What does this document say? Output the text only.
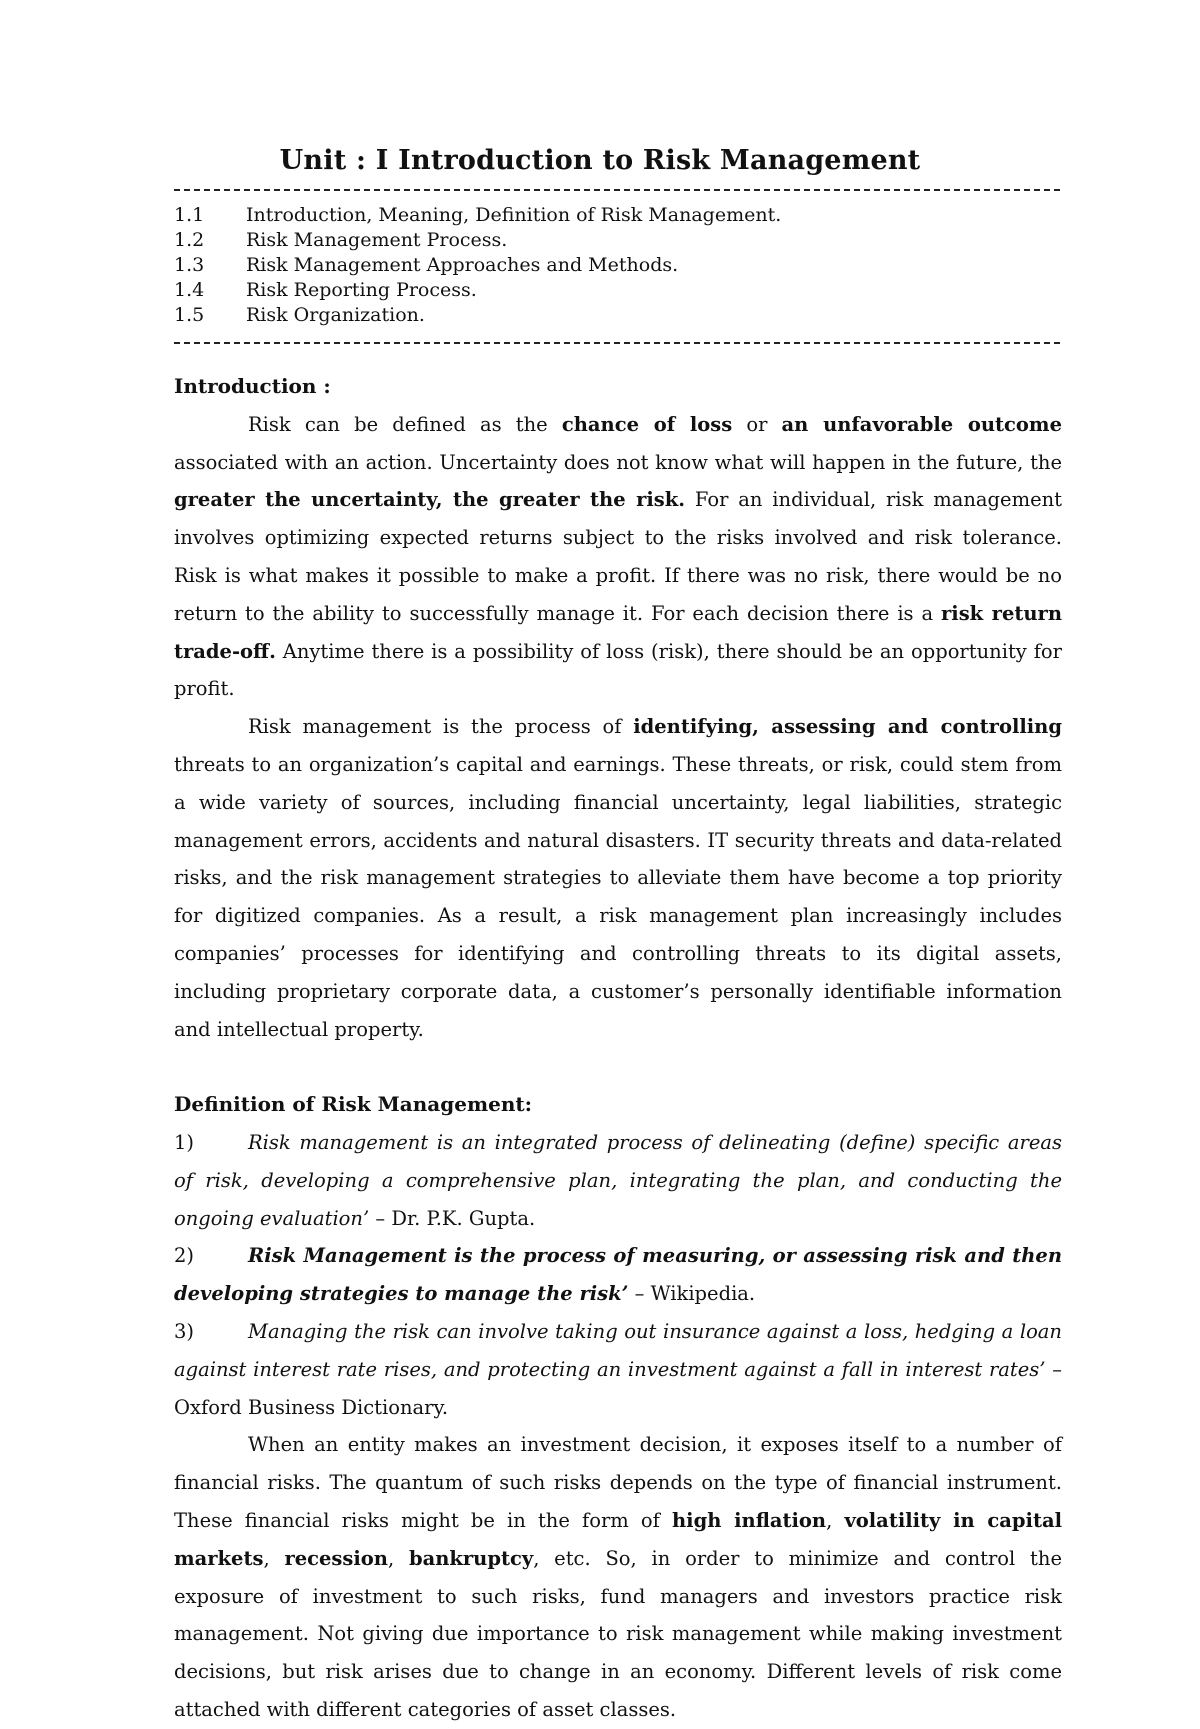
Unit : I Introduction to Risk Management
1.1	Introduction, Meaning, Definition of Risk Management.
1.2	Risk Management Process.
1.3	Risk Management Approaches and Methods.
1.4	Risk Reporting Process.
1.5	Risk Organization.
Introduction :

Risk can be defined as the chance of loss or an unfavorable outcome associated with an action. Uncertainty does not know what will happen in the future, the greater the uncertainty, the greater the risk. For an individual, risk management involves optimizing expected returns subject to the risks involved and risk tolerance. Risk is what makes it possible to make a profit. If there was no risk, there would be no return to the ability to successfully manage it. For each decision there is a risk return trade-off. Anytime there is a possibility of loss (risk), there should be an opportunity for profit.

Risk management is the process of identifying, assessing and controlling threats to an organization’s capital and earnings. These threats, or risk, could stem from a wide variety of sources, including financial uncertainty, legal liabilities, strategic management errors, accidents and natural disasters. IT security threats and data-related risks, and the risk management strategies to alleviate them have become a top priority for digitized companies. As a result, a risk management plan increasingly includes companies’ processes for identifying and controlling threats to its digital assets, including proprietary corporate data, a customer’s personally identifiable information and intellectual property.

Definition of Risk Management:

1)	Risk management is an integrated process of delineating (define) specific areas of risk, developing a comprehensive plan, integrating the plan, and conducting the ongoing evaluation’ – Dr. P.K. Gupta.

2)	Risk Management is the process of measuring, or assessing risk and then developing strategies to manage the risk’ – Wikipedia.

3)	Managing the risk can involve taking out insurance against a loss, hedging a loan against interest rate rises, and protecting an investment against a fall in interest rates’ – Oxford Business Dictionary.

When an entity makes an investment decision, it exposes itself to a number of financial risks. The quantum of such risks depends on the type of financial instrument. These financial risks might be in the form of high inflation, volatility in capital markets, recession, bankruptcy, etc. So, in order to minimize and control the exposure of investment to such risks, fund managers and investors practice risk management. Not giving due importance to risk management while making investment decisions, but risk arises due to change in an economy. Different levels of risk come attached with different categories of asset classes.
